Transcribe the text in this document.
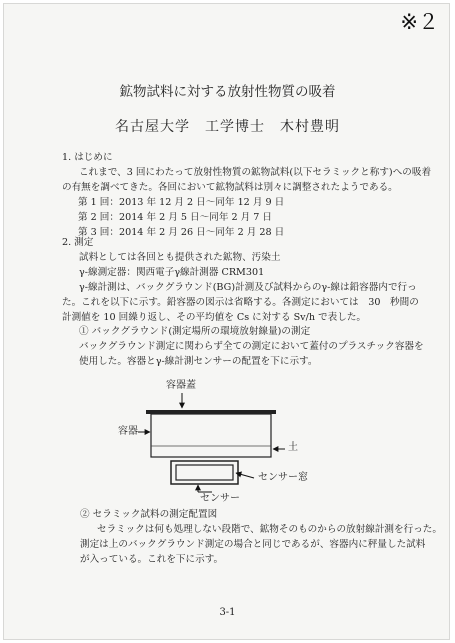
※２
鉱物試料に対する放射性物質の吸着
名古屋大学　工学博士　木村豊明
1. はじめに
これまで、3 回にわたって放射性物質の鉱物試料(以下セラミックと称す)への吸着
の有無を調べてきた。各回において鉱物試料は別々に調整されたようである。
第 1 回：2013 年 12 月 2 日～同年 12 月 9 日
第 2 回：2014 年 2 月 5 日～同年 2 月 7 日
第 3 回：2014 年 2 月 26 日～同年 2 月 28 日
2. 測定
試料としては各回とも提供された鉱物、汚染土
γ-線測定器：関西電子γ線計測器 CRM301
γ-線計測は、バックグラウンド(BG)計測及び試料からのγ-線は鉛容器内で行っ
た。これを以下に示す。鉛容器の図示は省略する。各測定においては　30　秒間の
計測値を 10 回繰り返し、その平均値を Cs に対する Sv/h で表した。
① バックグラウンド(測定場所の環境放射線量)の測定
バックグラウンド測定に関わらず全ての測定において蓋付のプラスチック容器を
使用した。容器とγ-線計測センサーの配置を下に示す。
容器蓋
容器
土
センサー窓
センサー
② セラミック試料の測定配置図
セラミックは何も処理しない段階で、鉱物そのものからの放射線計測を行った。
測定は上のバックグラウンド測定の場合と同じであるが、容器内に秤量した試料
が入っている。これを下に示す。
3-1
